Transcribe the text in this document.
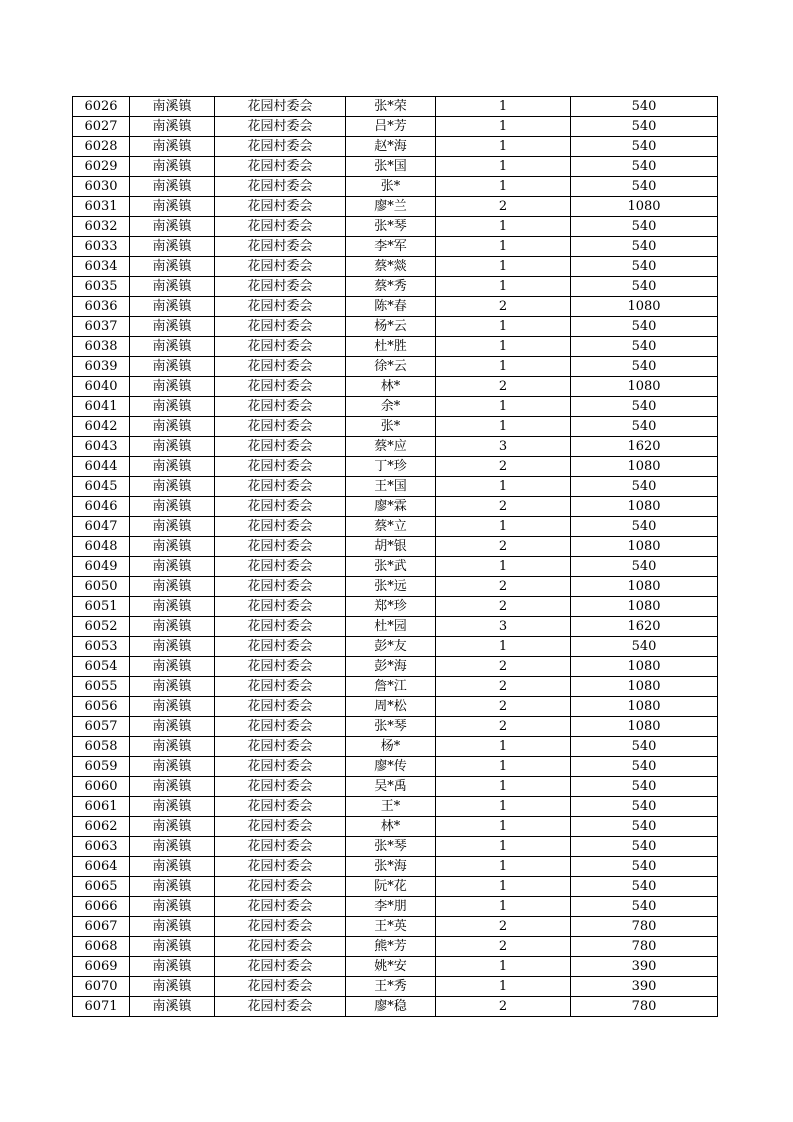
6026	南溪镇	花园村委会	张*荣	1	540
6027	南溪镇	花园村委会	吕*芳	1	540
6028	南溪镇	花园村委会	赵*海	1	540
6029	南溪镇	花园村委会	张*国	1	540
6030	南溪镇	花园村委会	张*	1	540
6031	南溪镇	花园村委会	廖*兰	2	1080
6032	南溪镇	花园村委会	张*琴	1	540
6033	南溪镇	花园村委会	李*军	1	540
6034	南溪镇	花园村委会	蔡*燚	1	540
6035	南溪镇	花园村委会	蔡*秀	1	540
6036	南溪镇	花园村委会	陈*春	2	1080
6037	南溪镇	花园村委会	杨*云	1	540
6038	南溪镇	花园村委会	杜*胜	1	540
6039	南溪镇	花园村委会	徐*云	1	540
6040	南溪镇	花园村委会	林*	2	1080
6041	南溪镇	花园村委会	余*	1	540
6042	南溪镇	花园村委会	张*	1	540
6043	南溪镇	花园村委会	蔡*应	3	1620
6044	南溪镇	花园村委会	丁*珍	2	1080
6045	南溪镇	花园村委会	王*国	1	540
6046	南溪镇	花园村委会	廖*霖	2	1080
6047	南溪镇	花园村委会	蔡*立	1	540
6048	南溪镇	花园村委会	胡*银	2	1080
6049	南溪镇	花园村委会	张*武	1	540
6050	南溪镇	花园村委会	张*远	2	1080
6051	南溪镇	花园村委会	郑*珍	2	1080
6052	南溪镇	花园村委会	杜*园	3	1620
6053	南溪镇	花园村委会	彭*友	1	540
6054	南溪镇	花园村委会	彭*海	2	1080
6055	南溪镇	花园村委会	詹*江	2	1080
6056	南溪镇	花园村委会	周*松	2	1080
6057	南溪镇	花园村委会	张*琴	2	1080
6058	南溪镇	花园村委会	杨*	1	540
6059	南溪镇	花园村委会	廖*传	1	540
6060	南溪镇	花园村委会	吴*禹	1	540
6061	南溪镇	花园村委会	王*	1	540
6062	南溪镇	花园村委会	林*	1	540
6063	南溪镇	花园村委会	张*琴	1	540
6064	南溪镇	花园村委会	张*海	1	540
6065	南溪镇	花园村委会	阮*花	1	540
6066	南溪镇	花园村委会	李*朋	1	540
6067	南溪镇	花园村委会	王*英	2	780
6068	南溪镇	花园村委会	熊*芳	2	780
6069	南溪镇	花园村委会	姚*安	1	390
6070	南溪镇	花园村委会	王*秀	1	390
6071	南溪镇	花园村委会	廖*稳	2	780
